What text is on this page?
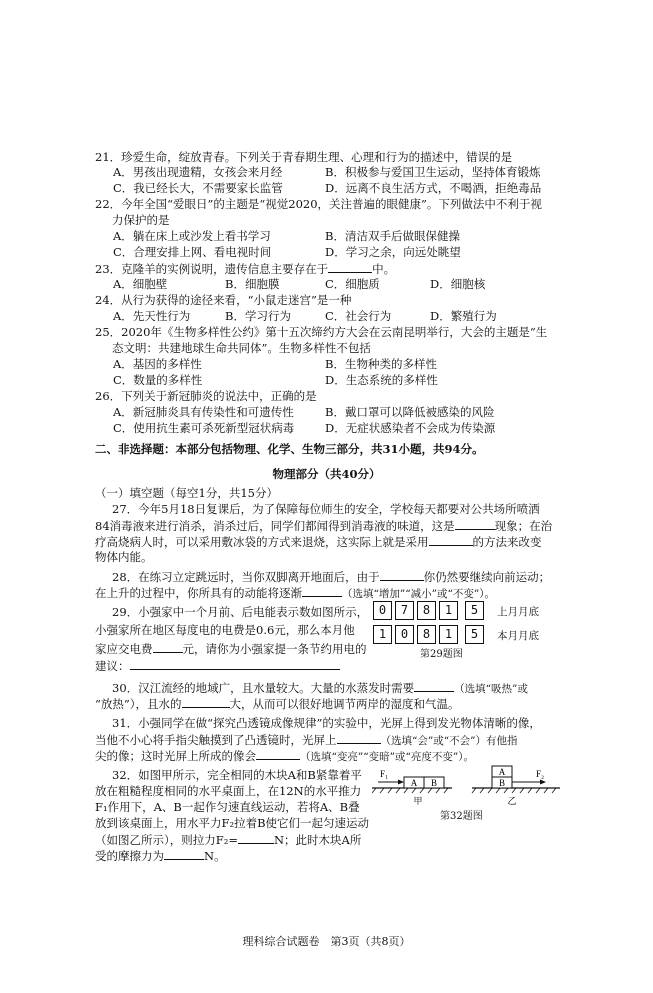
21．珍爱生命，绽放青春。下列关于青春期生理、心理和行为的描述中，错误的是
A．男孩出现遗精，女孩会来月经	B．积极参与爱国卫生运动，坚持体育锻炼
C．我已经长大，不需要家长监管	D．远离不良生活方式，不喝酒，拒绝毒品
22．今年全国“爱眼日”的主题是“视觉2020，关注普遍的眼健康”。下列做法中不利于视
力保护的是
A．躺在床上或沙发上看书学习	B．清洁双手后做眼保健操
C．合理安排上网、看电视时间	D．学习之余，向远处眺望
23．克隆羊的实例说明，遗传信息主要存在于	中。
A．细胞壁	B．细胞膜	C．细胞质	D．细胞核
24．从行为获得的途径来看，“小鼠走迷宫”是一种
A．先天性行为	B．学习行为	C．社会行为	D．繁殖行为
25．2020年《生物多样性公约》第十五次缔约方大会在云南昆明举行，大会的主题是“生
态文明：共建地球生命共同体”。生物多样性不包括
A．基因的多样性	B．生物种类的多样性
C．数量的多样性	D．生态系统的多样性
26．下列关于新冠肺炎的说法中，正确的是
A．新冠肺炎具有传染性和可遗传性	B．戴口罩可以降低被感染的风险
C．使用抗生素可杀死新型冠状病毒	D．无症状感染者不会成为传染源
二、非选择题：本部分包括物理、化学、生物三部分，共31小题，共94分。
物理部分（共40分）
（一）填空题（每空1分，共15分）
27．今年5月18日复课后，为了保障每位师生的安全，学校每天都要对公共场所喷洒
84消毒液来进行消杀，消杀过后，同学们都闻得到消毒液的味道，这是	现象；在治
疗高烧病人时，可以采用敷冰袋的方式来退烧，这实际上就是采用	的方法来改变
物体内能。
28．在练习立定跳远时，当你双脚离开地面后，由于	你仍然要继续向前运动；
在上升的过程中，你所具有的动能将逐渐	（选填“增加”“减小”或“不变”）。
29．小强家中一个月前、后电能表示数如图所示，
小强家所在地区每度电的电费是0.6元，那么本月他
家应交电费	元，请你为小强家提一条节约用电的
建议：
0	7	8	1	5	上月月底
1	0	8	1	5	本月月底
第29题图
30．汉江流经的地域广，且水量较大。大量的水蒸发时需要	（选填“吸热”或
“放热”），且水的	大，从而可以很好地调节两岸的湿度和气温。
31．小强同学在做“探究凸透镜成像规律”的实验中，光屏上得到发光物体清晰的像，
当他不小心将手指尖触摸到了凸透镜时，光屏上	（选填“会”或“不会”）有他指
尖的像；这时光屏上所成的像会	（选填“变亮”“变暗”或“亮度不变”）。
32．如图甲所示，完全相同的木块A和B紧靠着平
放在粗糙程度相同的水平桌面上，在12N的水平推力
F₁作用下，A、B一起作匀速直线运动，若将A、B叠
放到该桌面上，用水平力F₂拉着B使它们一起匀速运动
（如图乙所示），则拉力F₂=	N；此时木块A所
受的摩擦力为	N。
A B
F₁
甲
A
B
F₂
乙
第32题图
理科综合试题卷　第3页（共8页）
